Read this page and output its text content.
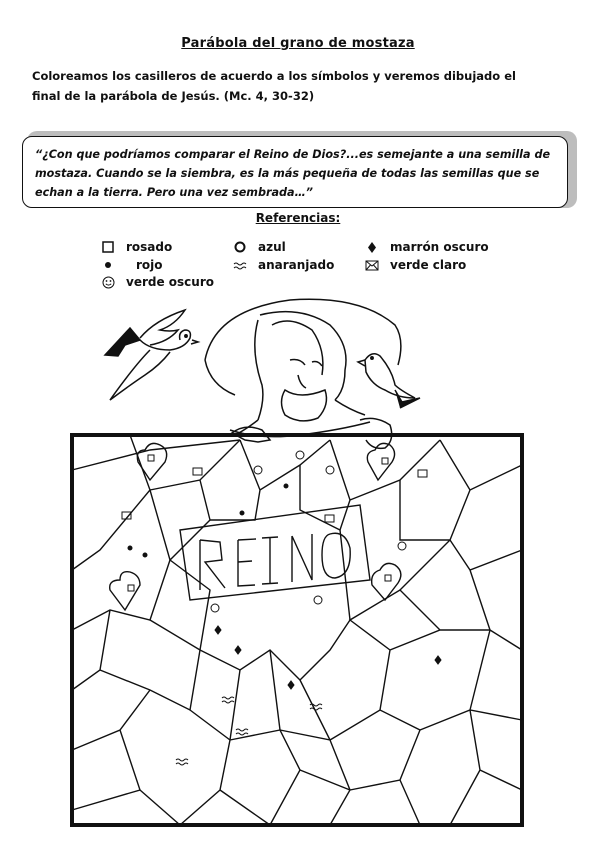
Parábola del grano de mostaza
Coloreamos los casilleros de acuerdo a los símbolos y veremos dibujado el final de la parábola de Jesús. (Mc. 4, 30-32)
“¿Con que podríamos comparar el Reino de Dios?...es semejante a una semilla de mostaza. Cuando se la siembra, es la más pequeña de todas las semillas que se echan a la tierra. Pero una vez sembrada…”
Referencias:
rosado
rojo
verde oscuro
azul
anaranjado
marrón oscuro
verde claro
